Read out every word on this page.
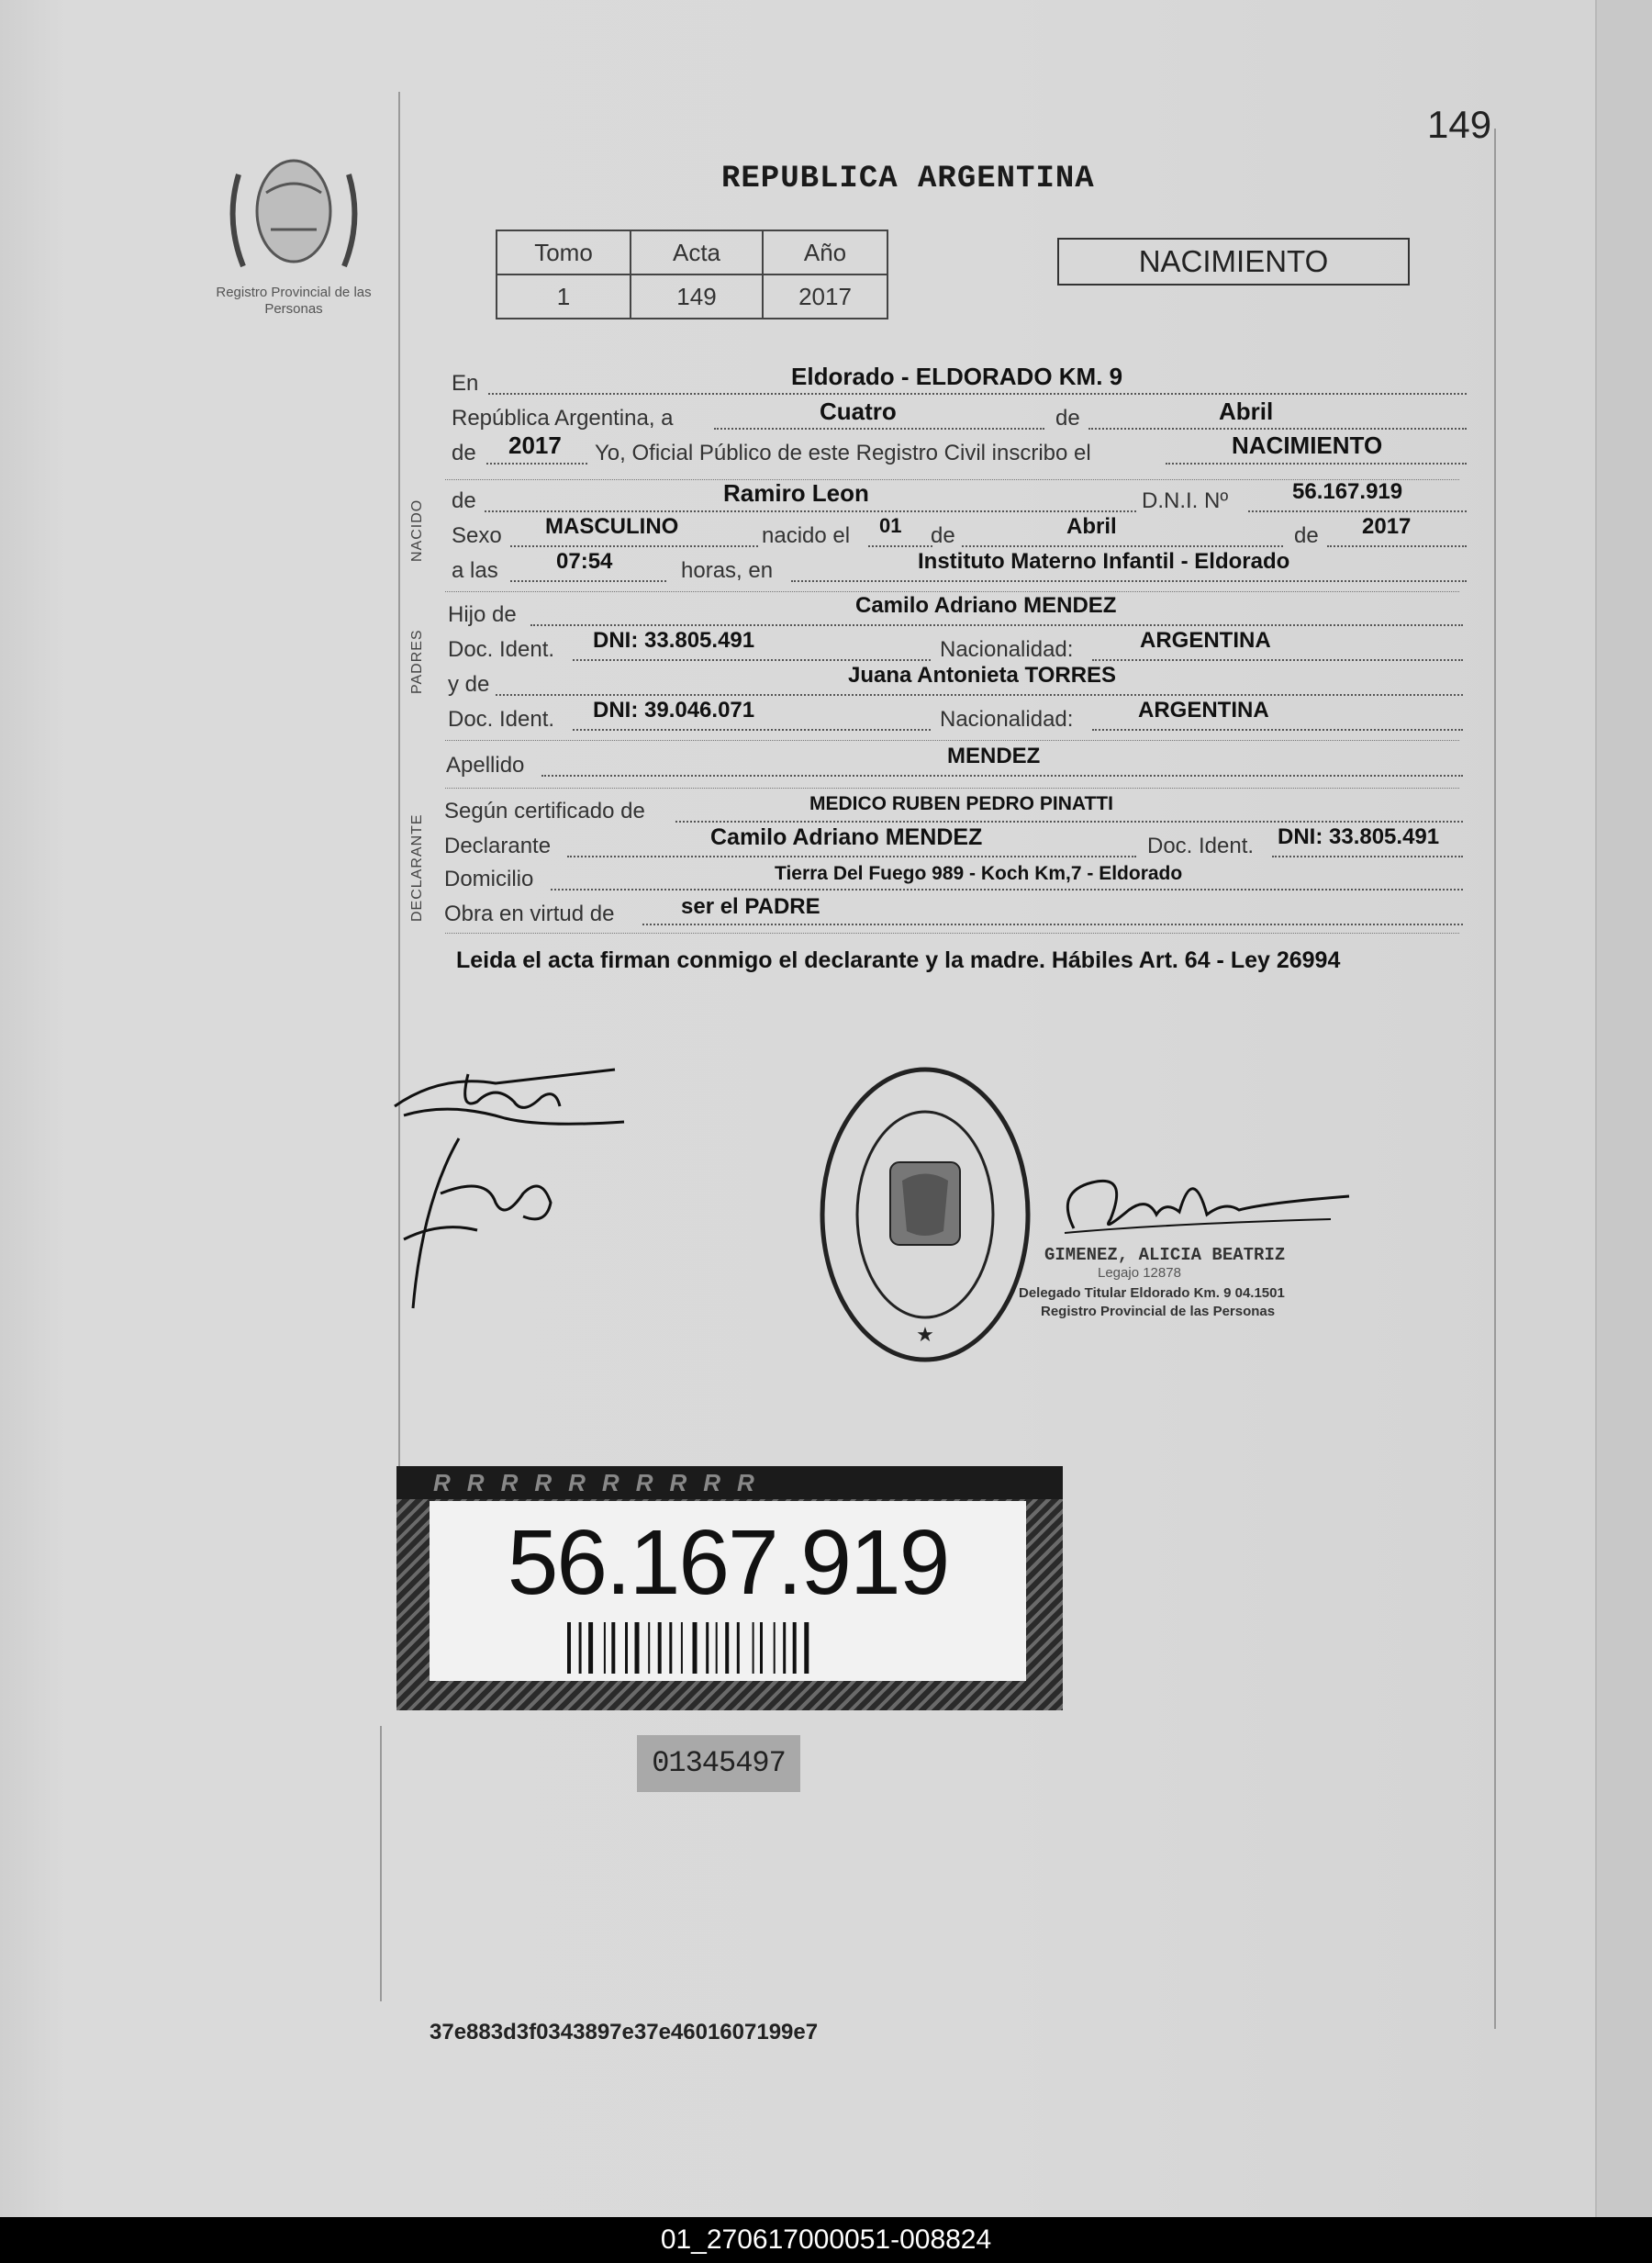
149
Registro Provincial de las Personas
REPUBLICA ARGENTINA
Tomo	Acta	Año
1	149	2017
NACIMIENTO
En	Eldorado - ELDORADO KM. 9
República Argentina, a	Cuatro	de	Abril
de 2017 Yo, Oficial Público de este Registro Civil inscribo el	NACIMIENTO
NACIDO de	Ramiro Leon	D.N.I. Nº	56.167.919
Sexo MASCULINO	nacido el 01 de	Abril	de 2017
a las	07:54	horas, en	Instituto Materno Infantil - Eldorado
PADRES
Hijo de	Camilo Adriano MENDEZ
Doc. Ident. DNI: 33.805.491	Nacionalidad:	ARGENTINA
y de	Juana Antonieta TORRES
Doc. Ident. DNI: 39.046.071	Nacionalidad:	ARGENTINA
Apellido	MENDEZ
DECLARANTE
Según certificado de	MEDICO RUBEN PEDRO PINATTI
Declarante	Camilo Adriano MENDEZ	Doc. Ident. DNI: 33.805.491
Domicilio	Tierra Del Fuego 989 - Koch Km,7 - Eldorado
Obra en virtud de	ser el PADRE
Leida el acta firman conmigo el declarante y la madre. Hábiles Art. 64 - Ley 26994
★
GIMENEZ, ALICIA BEATRIZ
Legajo 12878
Delegado Titular Eldorado Km. 9 04.1501
Registro Provincial de las Personas
R R R R R R R R R R
56.167.919
01345497
37e883d3f0343897e37e4601607199e7
01_270617000051-008824
